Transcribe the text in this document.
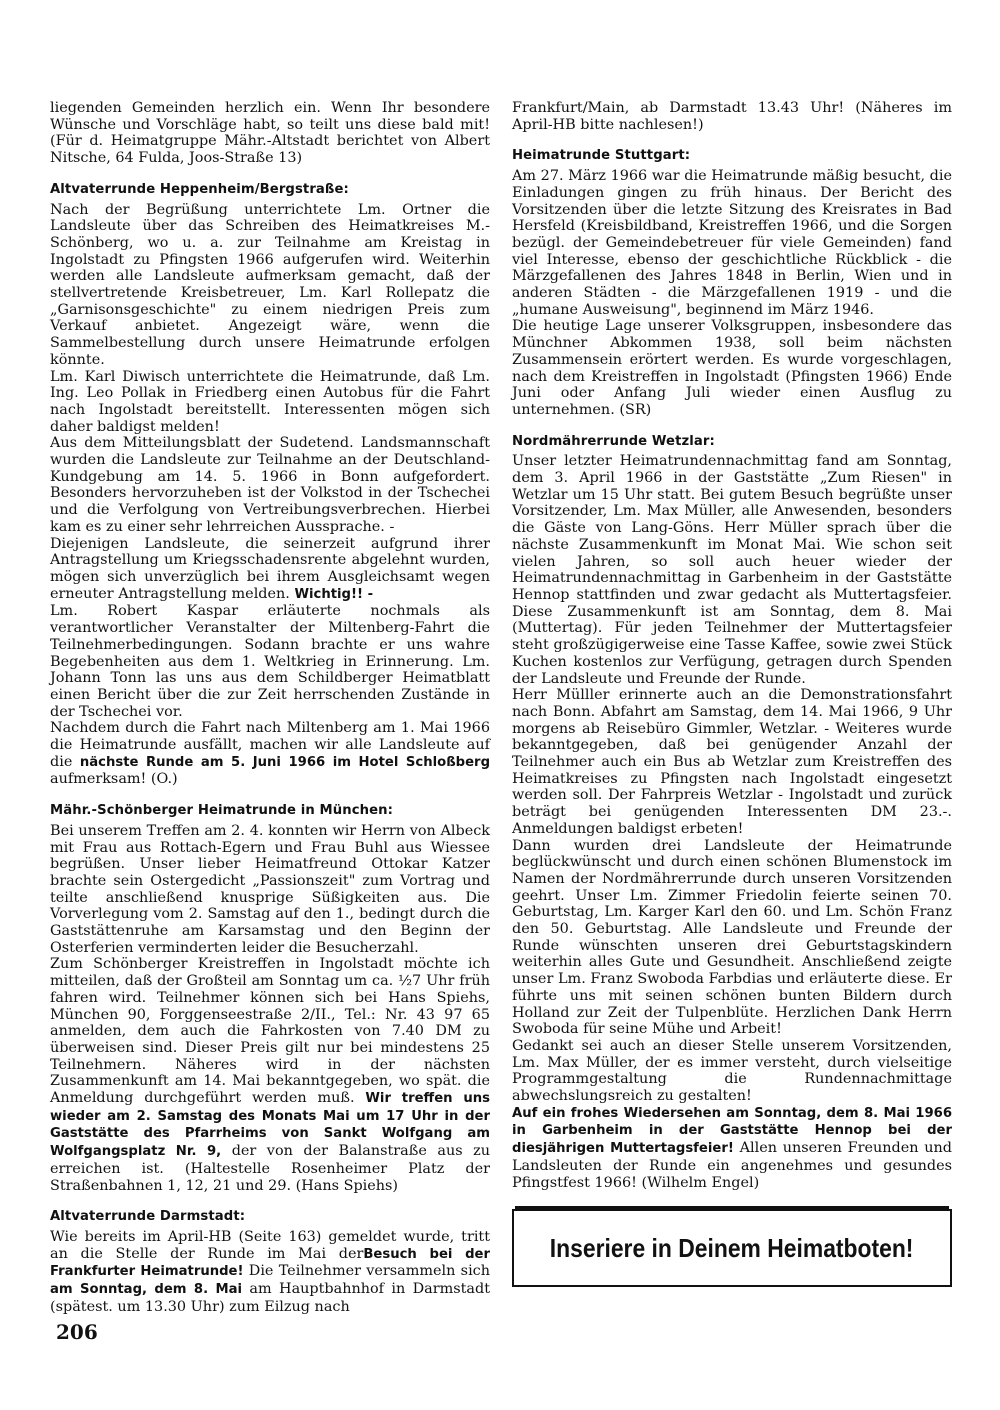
liegenden Gemeinden herzlich ein. Wenn Ihr besondere Wünsche und Vorschläge habt, so teilt uns diese bald mit! (Für d. Heimatgruppe Mähr.-Altstadt berichtet von Albert Nitsche, 64 Fulda, Joos-Straße 13)

Altvaterrunde Heppenheim/Bergstraße:

Nach der Begrüßung unterrichtete Lm. Ortner die Landsleute über das Schreiben des Heimatkreises M.-Schönberg, wo u. a. zur Teilnahme am Kreistag in Ingolstadt zu Pfingsten 1966 aufgerufen wird. Weiterhin werden alle Landsleute aufmerksam gemacht, daß der stellvertretende Kreisbetreuer, Lm. Karl Rollepatz die „Garnisonsgeschichte" zu einem niedrigen Preis zum Verkauf anbietet. Angezeigt wäre, wenn die Sammelbestellung durch unsere Heimatrunde erfolgen könnte.

Lm. Karl Diwisch unterrichtete die Heimatrunde, daß Lm. Ing. Leo Pollak in Friedberg einen Autobus für die Fahrt nach Ingolstadt bereitstellt. Interessenten mögen sich daher baldigst melden!

Aus dem Mitteilungsblatt der Sudetend. Landsmannschaft wurden die Landsleute zur Teilnahme an der Deutschland-Kundgebung am 14. 5. 1966 in Bonn aufgefordert. Besonders hervorzuheben ist der Volkstod in der Tschechei und die Verfolgung von Vertreibungsverbrechen. Hierbei kam es zu einer sehr lehrreichen Aussprache. -

Diejenigen Landsleute, die seinerzeit aufgrund ihrer Antragstellung um Kriegsschadensrente abgelehnt wurden, mögen sich unverzüglich bei ihrem Ausgleichsamt wegen erneuter Antragstellung melden. Wichtig!! -

Lm. Robert Kaspar erläuterte nochmals als verantwortlicher Veranstalter der Miltenberg-Fahrt die Teilnehmerbedingungen. Sodann brachte er uns wahre Begebenheiten aus dem 1. Weltkrieg in Erinnerung. Lm. Johann Tonn las uns aus dem Schildberger Heimatblatt einen Bericht über die zur Zeit herrschenden Zustände in der Tschechei vor.

Nachdem durch die Fahrt nach Miltenberg am 1. Mai 1966 die Heimatrunde ausfällt, machen wir alle Landsleute auf die nächste Runde am 5. Juni 1966 im Hotel Schloßberg aufmerksam! (O.)

Mähr.-Schönberger Heimatrunde in München:

Bei unserem Treffen am 2. 4. konnten wir Herrn von Albeck mit Frau aus Rottach-Egern und Frau Buhl aus Wiessee begrüßen. Unser lieber Heimatfreund Ottokar Katzer brachte sein Ostergedicht „Passionszeit" zum Vortrag und teilte anschließend knusprige Süßigkeiten aus. Die Vorverlegung vom 2. Samstag auf den 1., bedingt durch die Gaststättenruhe am Karsamstag und den Beginn der Osterferien verminderten leider die Besucherzahl.

Zum Schönberger Kreistreffen in Ingolstadt möchte ich mitteilen, daß der Großteil am Sonntag um ca. ½7 Uhr früh fahren wird. Teilnehmer können sich bei Hans Spiehs, München 90, Forggenseestraße 2/II., Tel.: Nr. 43 97 65 anmelden, dem auch die Fahrkosten von 7.40 DM zu überweisen sind. Dieser Preis gilt nur bei mindestens 25 Teilnehmern. Näheres wird in der nächsten Zusammenkunft am 14. Mai bekanntgegeben, wo spät. die Anmeldung durchgeführt werden muß. Wir treffen uns wieder am 2. Samstag des Monats Mai um 17 Uhr in der Gaststätte des Pfarrheims von Sankt Wolfgang am Wolfgangsplatz Nr. 9, der von der Balanstraße aus zu erreichen ist. (Haltestelle Rosenheimer Platz der Straßenbahnen 1, 12, 21 und 29. (Hans Spiehs)

Altvaterrunde Darmstadt:

Wie bereits im April-HB (Seite 163) gemeldet wurde, tritt an die Stelle der Runde im Mai derBesuch bei der Frankfurter Heimatrunde! Die Teilnehmer versammeln sich am Sonntag, dem 8. Mai am Hauptbahnhof in Darmstadt (spätest. um 13.30 Uhr) zum Eilzug nach

Frankfurt/Main, ab Darmstadt 13.43 Uhr! (Näheres im April-HB bitte nachlesen!)

Heimatrunde Stuttgart:

Am 27. März 1966 war die Heimatrunde mäßig besucht, die Einladungen gingen zu früh hinaus. Der Bericht des Vorsitzenden über die letzte Sitzung des Kreisrates in Bad Hersfeld (Kreisbildband, Kreistreffen 1966, und die Sorgen bezügl. der Gemeindebetreuer für viele Gemeinden) fand viel Interesse, ebenso der geschichtliche Rückblick - die Märzgefallenen des Jahres 1848 in Berlin, Wien und in anderen Städten - die Märzgefallenen 1919 - und die „humane Ausweisung", beginnend im März 1946.

Die heutige Lage unserer Volksgruppen, insbesondere das Münchner Abkommen 1938, soll beim nächsten Zusammensein erörtert werden. Es wurde vorgeschlagen, nach dem Kreistreffen in Ingolstadt (Pfingsten 1966) Ende Juni oder Anfang Juli wieder einen Ausflug zu unternehmen. (SR)

Nordmährerrunde Wetzlar:

Unser letzter Heimatrundennachmittag fand am Sonntag, dem 3. April 1966 in der Gaststätte „Zum Riesen" in Wetzlar um 15 Uhr statt. Bei gutem Besuch begrüßte unser Vorsitzender, Lm. Max Müller, alle Anwesenden, besonders die Gäste von Lang-Göns. Herr Müller sprach über die nächste Zusammenkunft im Monat Mai. Wie schon seit vielen Jahren, so soll auch heuer wieder der Heimatrundennachmittag in Garbenheim in der Gaststätte Hennop stattfinden und zwar gedacht als Muttertagsfeier. Diese Zusammenkunft ist am Sonntag, dem 8. Mai (Muttertag). Für jeden Teilnehmer der Muttertagsfeier steht großzügigerweise eine Tasse Kaffee, sowie zwei Stück Kuchen kostenlos zur Verfügung, getragen durch Spenden der Landsleute und Freunde der Runde.

Herr Mülller erinnerte auch an die Demonstrationsfahrt nach Bonn. Abfahrt am Samstag, dem 14. Mai 1966, 9 Uhr morgens ab Reisebüro Gimmler, Wetzlar. - Weiteres wurde bekanntgegeben, daß bei genügender Anzahl der Teilnehmer auch ein Bus ab Wetzlar zum Kreistreffen des Heimatkreises zu Pfingsten nach Ingolstadt eingesetzt werden soll. Der Fahrpreis Wetzlar - Ingolstadt und zurück beträgt bei genügenden Interessenten DM 23.-. Anmeldungen baldigst erbeten!

Dann wurden drei Landsleute der Heimatrunde beglückwünscht und durch einen schönen Blumenstock im Namen der Nordmährerrunde durch unseren Vorsitzenden geehrt. Unser Lm. Zimmer Friedolin feierte seinen 70. Geburtstag, Lm. Karger Karl den 60. und Lm. Schön Franz den 50. Geburtstag. Alle Landsleute und Freunde der Runde wünschten unseren drei Geburtstagskindern weiterhin alles Gute und Gesundheit. Anschließend zeigte unser Lm. Franz Swoboda Farbdias und erläuterte diese. Er führte uns mit seinen schönen bunten Bildern durch Holland zur Zeit der Tulpenblüte. Herzlichen Dank Herrn Swoboda für seine Mühe und Arbeit!

Gedankt sei auch an dieser Stelle unserem Vorsitzenden, Lm. Max Müller, der es immer versteht, durch vielseitige Programmgestaltung die Rundennachmittage abwechslungsreich zu gestalten!

Auf ein frohes Wiedersehen am Sonntag, dem 8. Mai 1966 in Garbenheim in der Gaststätte Hennop bei der diesjährigen Muttertagsfeier! Allen unseren Freunden und Landsleuten der Runde ein angenehmes und gesundes Pfingstfest 1966! (Wilhelm Engel)

Inseriere in Deinem Heimatboten!
206
